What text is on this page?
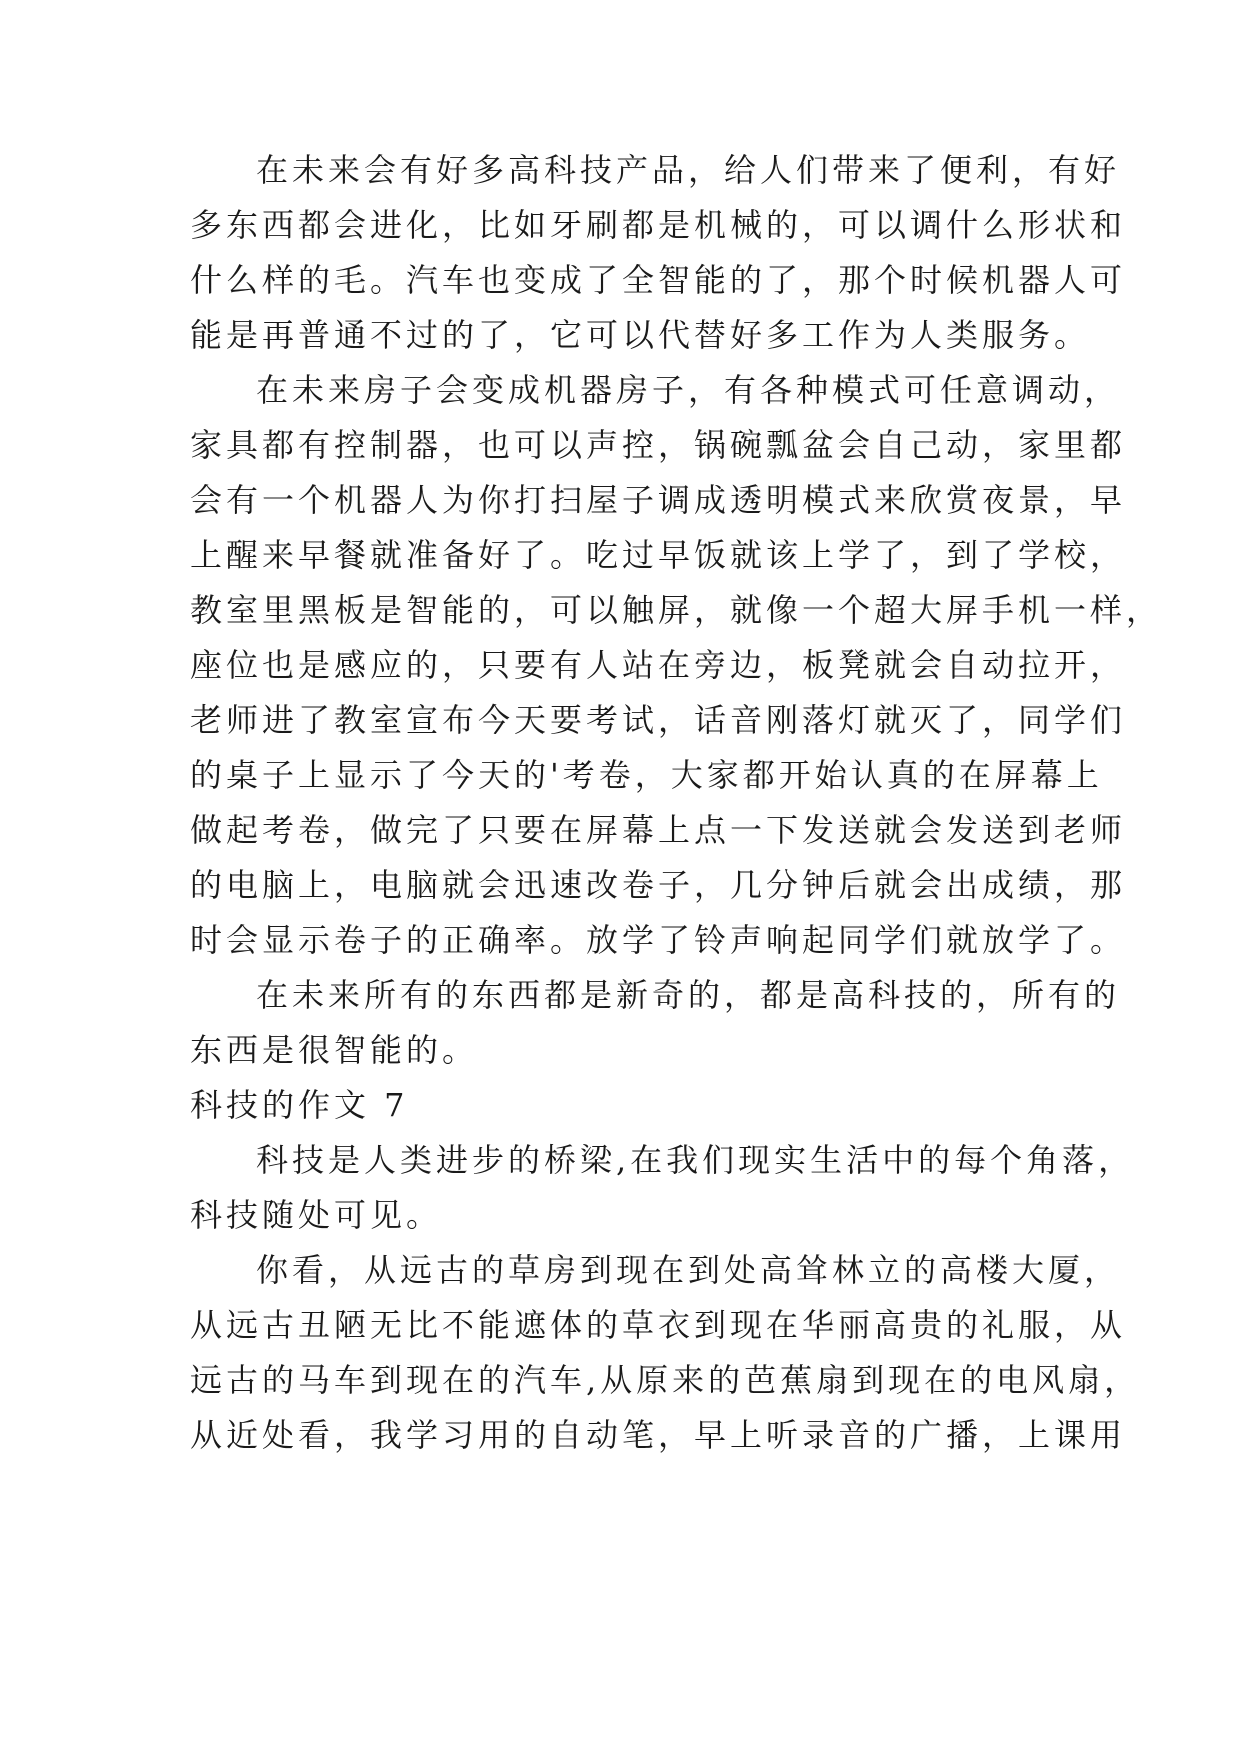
在未来会有好多高科技产品，给人们带来了便利，有好
多东西都会进化，比如牙刷都是机械的，可以调什么形状和
什么样的毛。汽车也变成了全智能的了，那个时候机器人可
能是再普通不过的了，它可以代替好多工作为人类服务。
在未来房子会变成机器房子，有各种模式可任意调动，
家具都有控制器，也可以声控，锅碗瓢盆会自己动，家里都
会有一个机器人为你打扫屋子调成透明模式来欣赏夜景，早
上醒来早餐就准备好了。吃过早饭就该上学了，到了学校，
教室里黑板是智能的，可以触屏，就像一个超大屏手机一样，
座位也是感应的，只要有人站在旁边，板凳就会自动拉开，
老师进了教室宣布今天要考试，话音刚落灯就灭了，同学们
的桌子上显示了今天的'考卷，大家都开始认真的在屏幕上
做起考卷，做完了只要在屏幕上点一下发送就会发送到老师
的电脑上，电脑就会迅速改卷子，几分钟后就会出成绩，那
时会显示卷子的正确率。放学了铃声响起同学们就放学了。
在未来所有的东西都是新奇的，都是高科技的，所有的
东西是很智能的。
科技的作文 7
科技是人类进步的桥梁,在我们现实生活中的每个角落，
科技随处可见。
你看，从远古的草房到现在到处高耸林立的高楼大厦，
从远古丑陋无比不能遮体的草衣到现在华丽高贵的礼服，从
远古的马车到现在的汽车,从原来的芭蕉扇到现在的电风扇，
从近处看，我学习用的自动笔，早上听录音的广播，上课用
